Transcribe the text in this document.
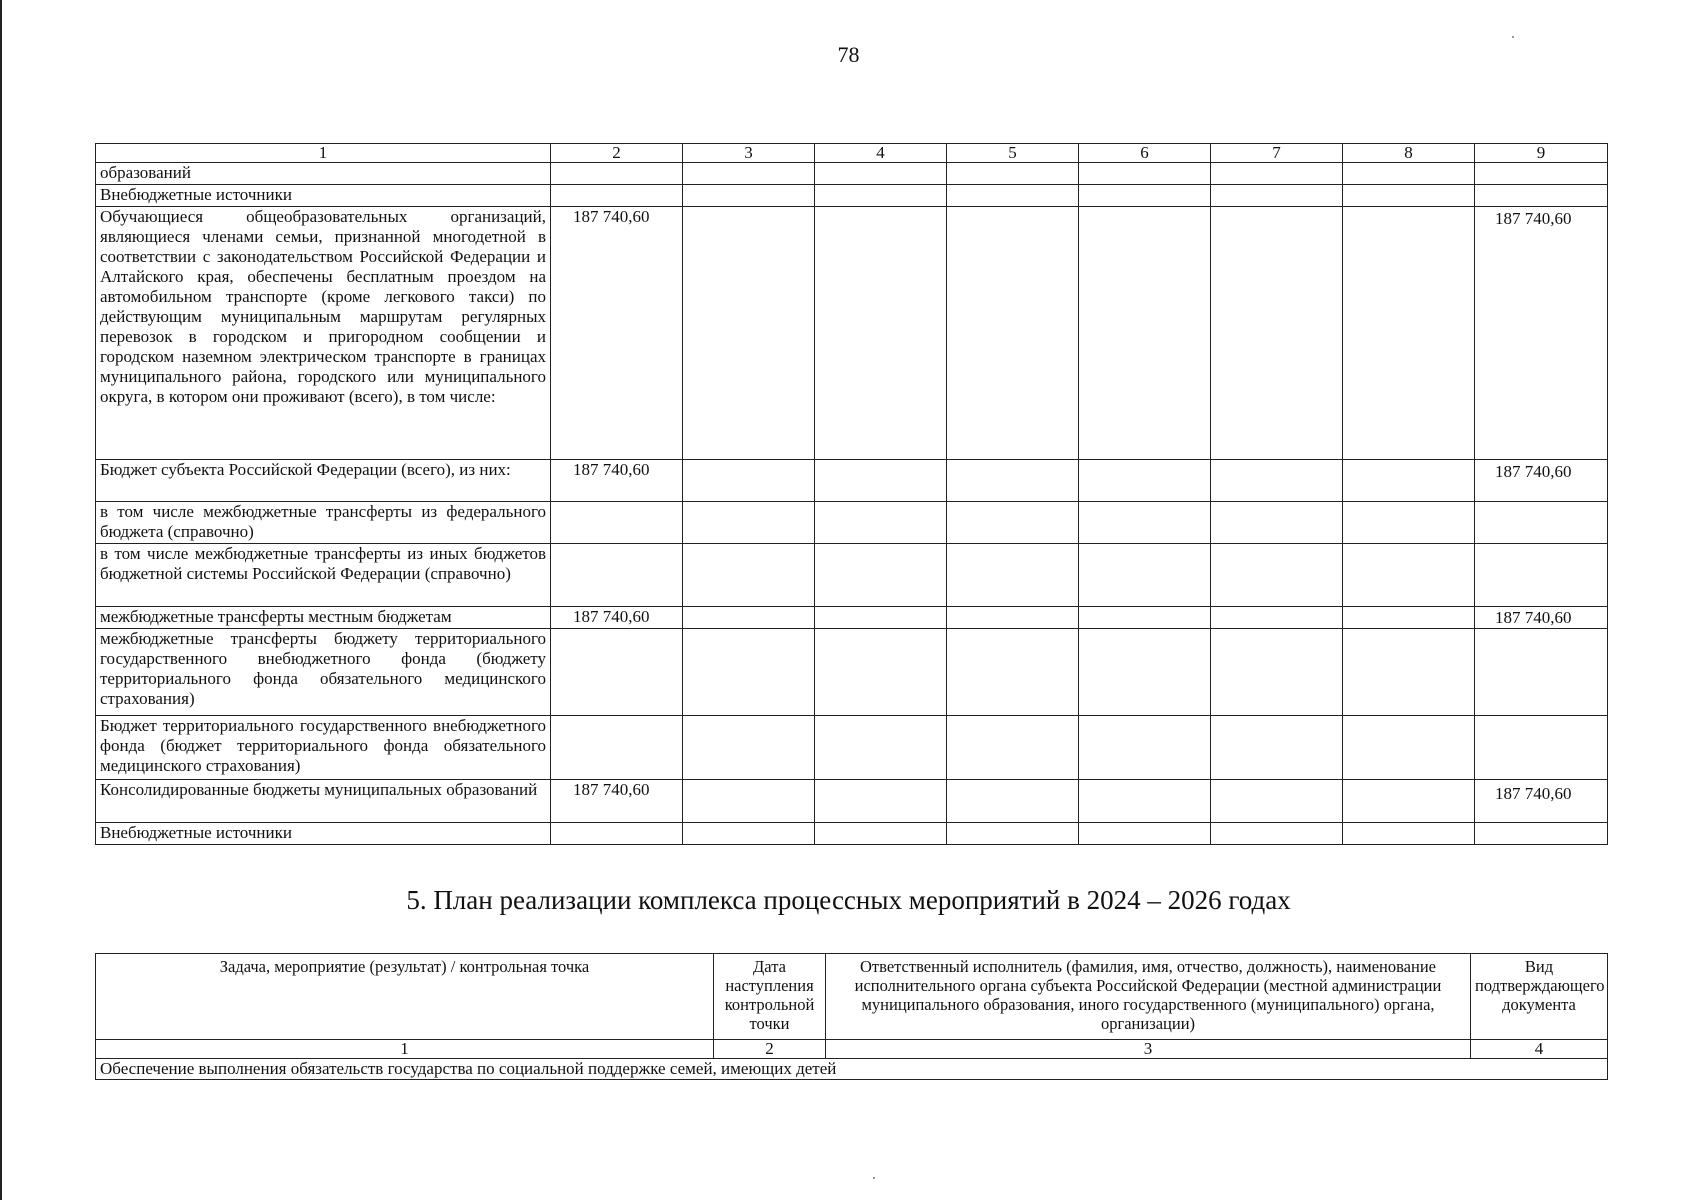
78
1	2	3	4	5	6	7	8	9
образований								
Внебюджетные источники								
Обучающиеся общеобразовательных организаций, являющиеся членами семьи, признанной многодетной в соответствии с законодательством Российской Федерации и Алтайского края, обеспечены бесплатным проездом на автомобильном транспорте (кроме легкового такси) по действующим муниципальным маршрутам регулярных перевозок в городском и пригородном сообщении и городском наземном электрическом транспорте в границах муниципального района, городского или муниципального округа, в котором они проживают (всего), в том числе:	187 740,60							187 740,60
Бюджет субъекта Российской Федерации (всего), из них:	187 740,60							187 740,60
в том числе межбюджетные трансферты из федерального бюджета (справочно)								
в том числе межбюджетные трансферты из иных бюджетов бюджетной системы Российской Федерации (справочно)								
межбюджетные трансферты местным бюджетам	187 740,60							187 740,60
межбюджетные трансферты бюджету территориального государственного внебюджетного фонда (бюджету территориального фонда обязательного медицинского страхования)								
Бюджет территориального государственного внебюджетного фонда (бюджет территориального фонда обязательного медицинского страхования)								
Консолидированные бюджеты муниципальных образований	187 740,60							187 740,60
Внебюджетные источники								
5. План реализации комплекса процессных мероприятий в 2024 – 2026 годах
Задача, мероприятие (результат) / контрольная точка	Дата наступления контрольной точки	Ответственный исполнитель (фамилия, имя, отчество, должность), наименование исполнительного органа субъекта Российской Федерации (местной администрации муниципального образования, иного государственного (муниципального) органа, организации)	Вид подтверждающего документа
1	2	3	4
Обеспечение выполнения обязательств государства по социальной поддержке семей, имеющих детей			
